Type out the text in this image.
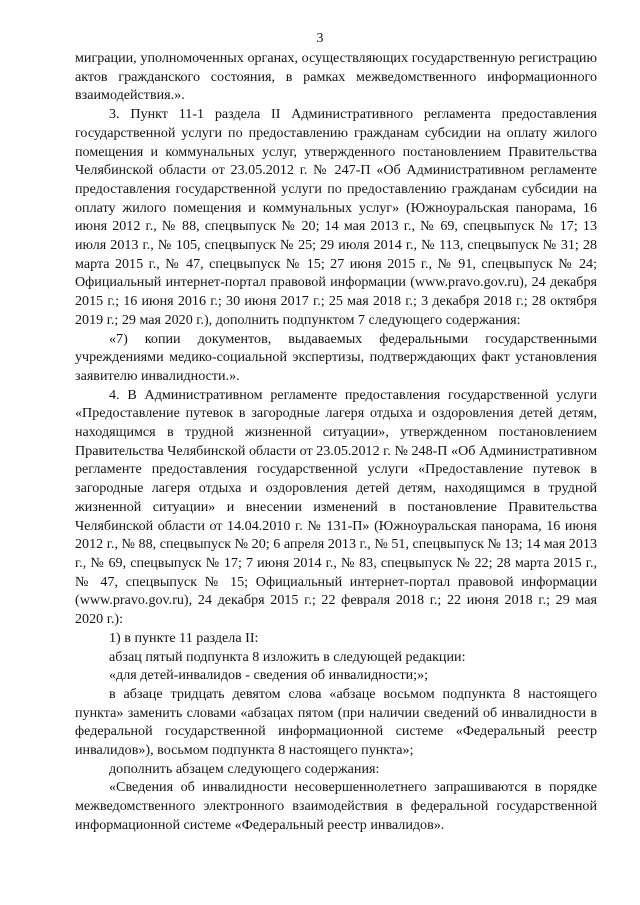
3

миграции, уполномоченных органах, осуществляющих государственную регистрацию актов гражданского состояния, в рамках межведомственного информационного взаимодействия.».

3. Пункт 11-1 раздела II Административного регламента предоставления государственной услуги по предоставлению гражданам субсидии на оплату жилого помещения и коммунальных услуг, утвержденного постановлением Правительства Челябинской области от 23.05.2012 г. № 247-П «Об Административном регламенте предоставления государственной услуги по предоставлению гражданам субсидии на оплату жилого помещения и коммунальных услуг» (Южноуральская панорама, 16 июня 2012 г., № 88, спецвыпуск № 20; 14 мая 2013 г., № 69, спецвыпуск № 17; 13 июля 2013 г., № 105, спецвыпуск № 25; 29 июля 2014 г., № 113, спецвыпуск № 31; 28 марта 2015 г., № 47, спецвыпуск № 15; 27 июня 2015 г., № 91, спецвыпуск № 24; Официальный интернет-портал правовой информации (www.pravo.gov.ru), 24 декабря 2015 г.; 16 июня 2016 г.; 30 июня 2017 г.; 25 мая 2018 г.; 3 декабря 2018 г.; 28 октября 2019 г.; 29 мая 2020 г.), дополнить подпунктом 7 следующего содержания:

«7) копии документов, выдаваемых федеральными государственными учреждениями медико-социальной экспертизы, подтверждающих факт установления заявителю инвалидности.».

4. В Административном регламенте предоставления государственной услуги «Предоставление путевок в загородные лагеря отдыха и оздоровления детей детям, находящимся в трудной жизненной ситуации», утвержденном постановлением Правительства Челябинской области от 23.05.2012 г. № 248-П «Об Административном регламенте предоставления государственной услуги «Предоставление путевок в загородные лагеря отдыха и оздоровления детей детям, находящимся в трудной жизненной ситуации» и внесении изменений в постановление Правительства Челябинской области от 14.04.2010 г. № 131-П» (Южноуральская панорама, 16 июня 2012 г., № 88, спецвыпуск № 20; 6 апреля 2013 г., № 51, спецвыпуск № 13; 14 мая 2013 г., № 69, спецвыпуск № 17; 7 июня 2014 г., № 83, спецвыпуск № 22; 28 марта 2015 г., № 47, спецвыпуск № 15; Официальный интернет-портал правовой информации (www.pravo.gov.ru), 24 декабря 2015 г.; 22 февраля 2018 г.; 22 июня 2018 г.; 29 мая 2020 г.):

1) в пункте 11 раздела II:

абзац пятый подпункта 8 изложить в следующей редакции:

«для детей-инвалидов - сведения об инвалидности;»;

в абзаце тридцать девятом слова «абзаце восьмом подпункта 8 настоящего пункта» заменить словами «абзацах пятом (при наличии сведений об инвалидности в федеральной государственной информационной системе «Федеральный реестр инвалидов»), восьмом подпункта 8 настоящего пункта»;

дополнить абзацем следующего содержания:

«Сведения об инвалидности несовершеннолетнего запрашиваются в порядке межведомственного электронного взаимодействия в федеральной государственной информационной системе «Федеральный реестр инвалидов».
